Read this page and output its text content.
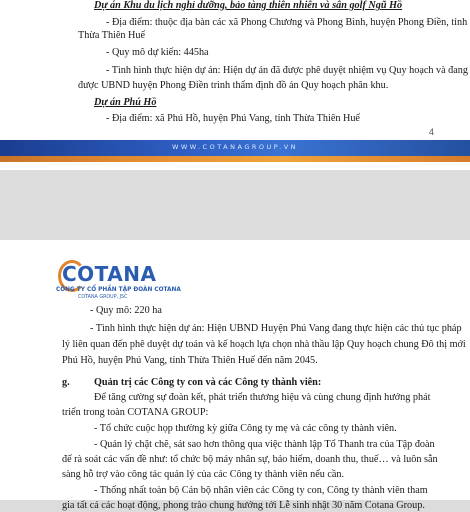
Dự án Khu du lịch nghỉ dưỡng, bảo tàng thiên nhiên và sân golf Ngũ Hồ
- Địa điểm: thuộc địa bàn các xã Phong Chương và Phong Bình, huyện Phong Điền, tỉnh
Thừa Thiên Huế
- Quy mô dự kiến: 445ha
- Tình hình thực hiện dự án: Hiện dự án đã được phê duyệt nhiệm vụ Quy hoạch và đang
được UBND huyện Phong Điền trình thẩm định đồ án Quy hoạch phân khu.
Dự án Phú Hồ
- Địa điểm: xã Phú Hồ, huyện Phú Vang, tỉnh Thừa Thiên Huế
4
WWW.COTANAGROUP.VN
COTANA
CÔNG TY CỔ PHẦN TẬP ĐOÀN COTANA
COTANA GROUP, JSC
- Quy mô: 220 ha
- Tình hình thực hiện dự án: Hiện UBND Huyện Phú Vang đang thực hiện các thủ tục pháp
lý liên quan đến phê duyệt dự toán và kế hoạch lựa chọn nhà thầu lập Quy hoạch chung Đô thị mới
Phú Hồ, huyện Phú Vang, tỉnh Thừa Thiên Huế đến năm 2045.
g. Quản trị các Công ty con và các Công ty thành viên:
Để tăng cường sự đoàn kết, phát triển thương hiệu và cùng chung định hướng phát
triển trong toàn COTANA GROUP:
- Tổ chức cuộc họp thường kỳ giữa Công ty mẹ và các công ty thành viên.
- Quản lý chặt chẽ, sát sao hơn thông qua việc thành lập Tổ Thanh tra của Tập đoàn
để rà soát các vấn đề như: tổ chức bộ máy nhân sự, bảo hiểm, doanh thu, thuế… và luôn sẵn
sàng hỗ trợ vào công tác quản lý của các Công ty thành viên nếu cần.
- Thống nhất toàn bộ Cán bộ nhân viên các Công ty con, Công ty thành viên tham
gia tất cả các hoạt động, phong trào chung hướng tới Lễ sinh nhật 30 năm Cotana Group.
